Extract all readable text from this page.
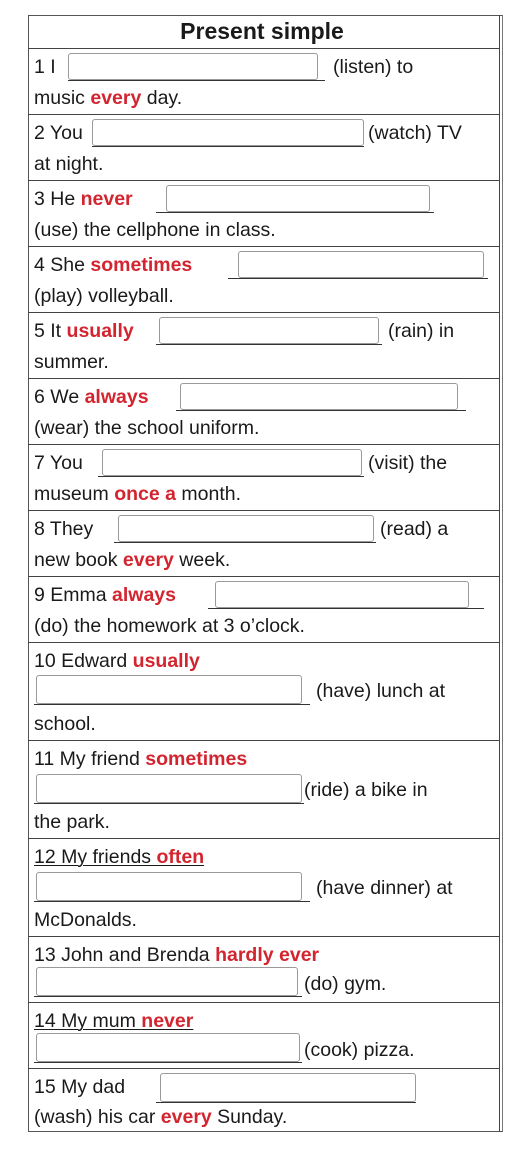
Present simple
1 I	(listen) to
music every day.
2 You	(watch) TV
at night.
3 He never
(use) the cellphone in class.
4 She sometimes
(play) volleyball.
5 It usually	(rain) in
summer.
6 We always
(wear) the school uniform.
7 You	(visit) the
museum once a month.
8 They	(read) a
new book every week.
9 Emma always
(do) the homework at 3 o’clock.
10 Edward usually
(have) lunch at
school.
11 My friend sometimes
(ride) a bike in
the park.
12 My friends often
(have dinner) at
McDonalds.
13 John and Brenda hardly ever
(do) gym.
14 My mum never
(cook) pizza.
15 My dad
(wash) his car every Sunday.
